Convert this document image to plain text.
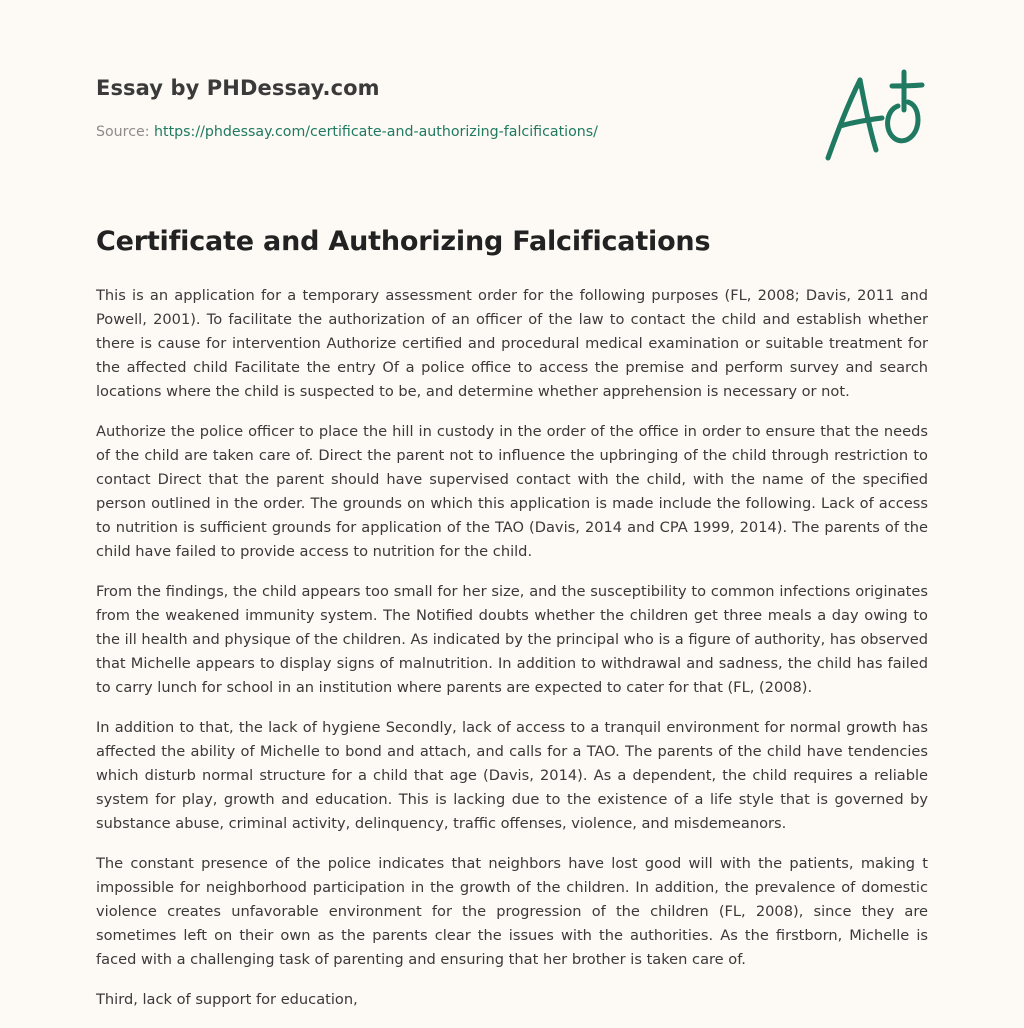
Essay by PHDessay.com
Source: https://phdessay.com/certificate-and-authorizing-falcifications/
Certificate and Authorizing Falcifications

This is an application for a temporary assessment order for the following purposes (FL, 2008; Davis, 2011 and Powell, 2001). To facilitate the authorization of an officer of the law to contact the child and establish whether there is cause for intervention Authorize certified and procedural medical examination or suitable treatment for the affected child Facilitate the entry Of a police office to access the premise and perform survey and search locations where the child is suspected to be, and determine whether apprehension is necessary or not.

Authorize the police officer to place the hill in custody in the order of the office in order to ensure that the needs of the child are taken care of. Direct the parent not to influence the upbringing of the child through restriction to contact Direct that the parent should have supervised contact with the child, with the name of the specified person outlined in the order. The grounds on which this application is made include the following. Lack of access to nutrition is sufficient grounds for application of the TAO (Davis, 2014 and CPA 1999, 2014). The parents of the child have failed to provide access to nutrition for the child.

From the findings, the child appears too small for her size, and the susceptibility to common infections originates from the weakened immunity system. The Notified doubts whether the children get three meals a day owing to the ill health and physique of the children. As indicated by the principal who is a figure of authority, has observed that Michelle appears to display signs of malnutrition. In addition to withdrawal and sadness, the child has failed to carry lunch for school in an institution where parents are expected to cater for that (FL, (2008).

In addition to that, the lack of hygiene Secondly, lack of access to a tranquil environment for normal growth has affected the ability of Michelle to bond and attach, and calls for a TAO. The parents of the child have tendencies which disturb normal structure for a child that age (Davis, 2014). As a dependent, the child requires a reliable system for play, growth and education. This is lacking due to the existence of a life style that is governed by substance abuse, criminal activity, delinquency, traffic offenses, violence, and misdemeanors.

The constant presence of the police indicates that neighbors have lost good will with the patients, making t impossible for neighborhood participation in the growth of the children. In addition, the prevalence of domestic violence creates unfavorable environment for the progression of the children (FL, 2008), since they are sometimes left on their own as the parents clear the issues with the authorities. As the firstborn, Michelle is faced with a challenging task of parenting and ensuring that her brother is taken care of.

Third, lack of support for education,
